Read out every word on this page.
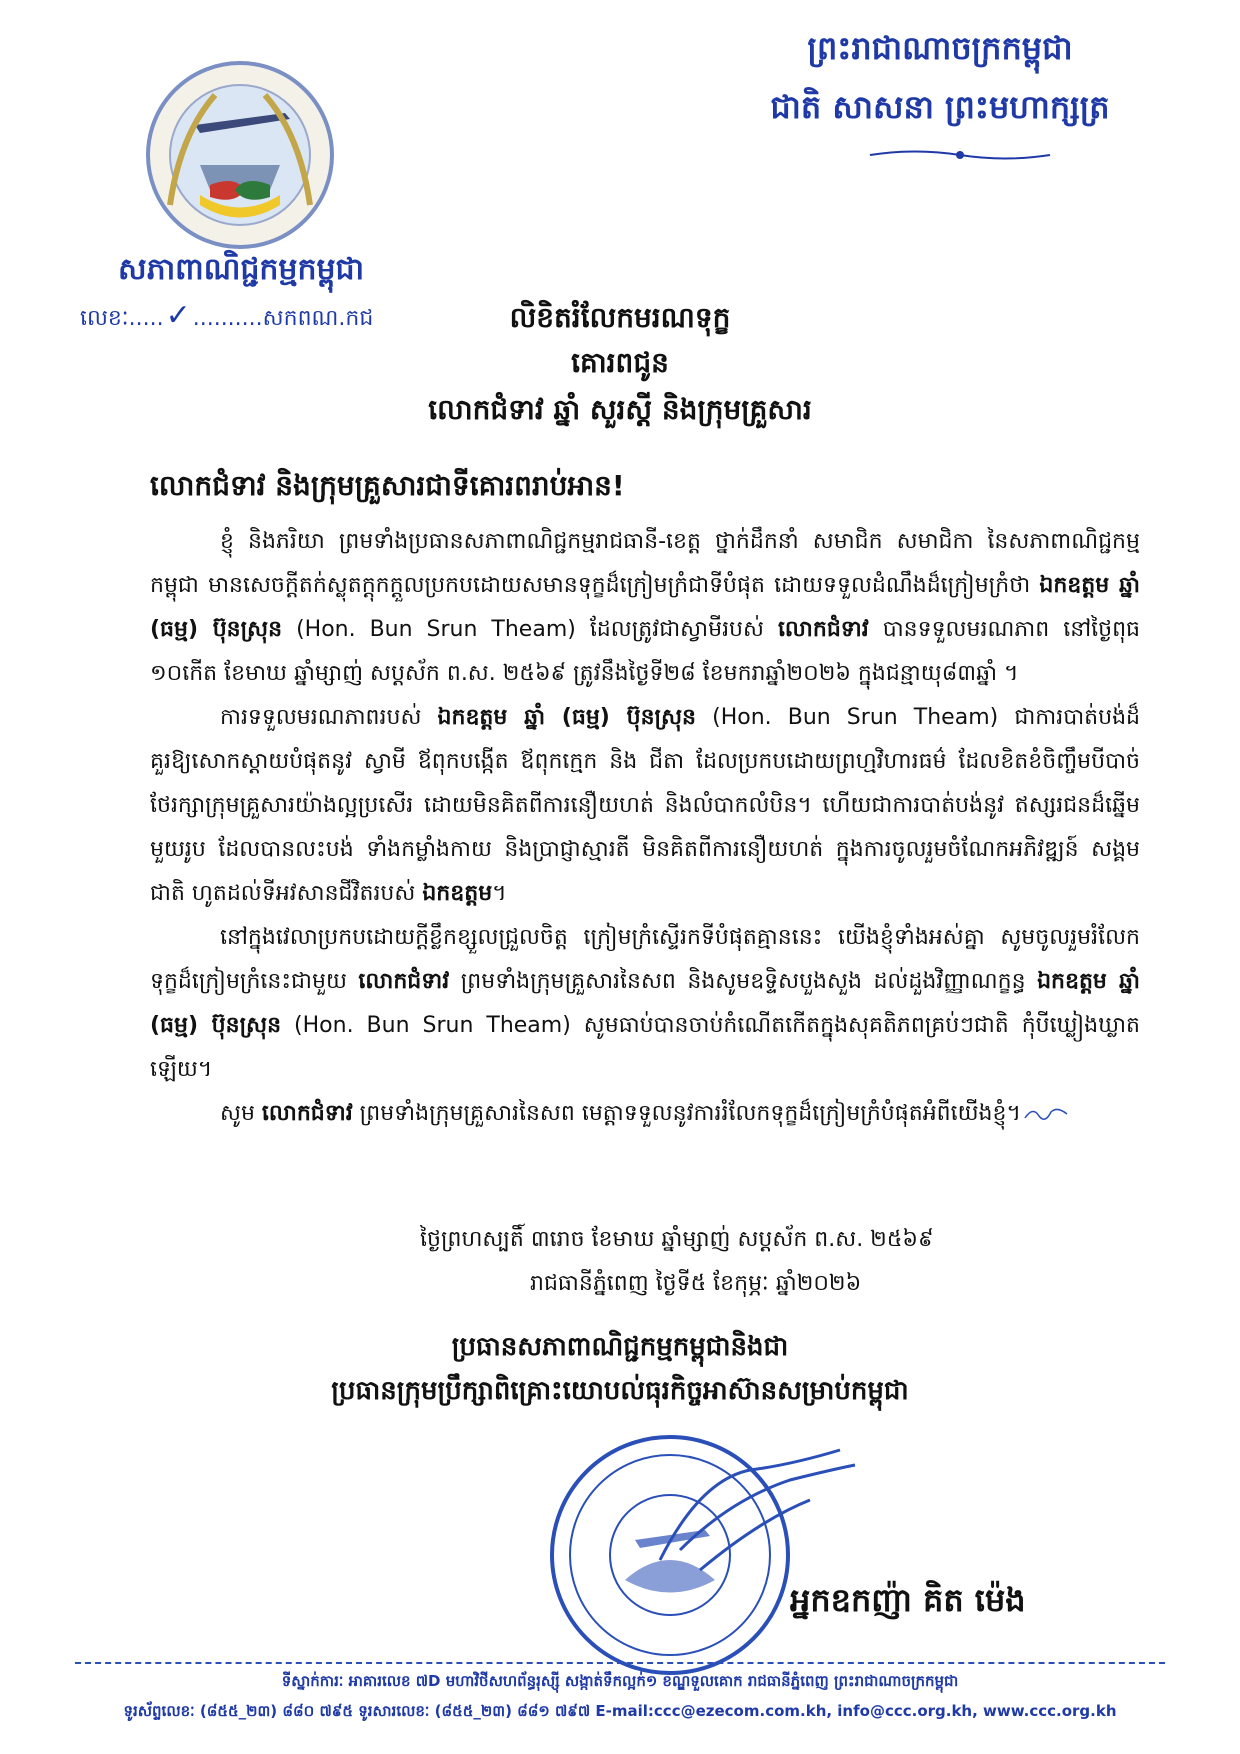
សភាពាណិជ្ជកម្មកម្ពុជា
លេខៈ.....✓..........សកពណ.កជ
ព្រះរាជាណាចក្រកម្ពុជា
ជាតិ សាសនា ព្រះមហាក្សត្រ
លិខិតរំលែកមរណទុក្ខ
គោរពជូន
លោកជំទាវ ឆ្នាំ សួរស្តី និងក្រុមគ្រួសារ
លោកជំទាវ និងក្រុមគ្រួសារជាទីគោរពរាប់អាន!

ខ្ញុំ និងភរិយា ព្រមទាំងប្រធានសភាពាណិជ្ជកម្មរាជធានី-ខេត្ត ថ្នាក់ដឹកនាំ សមាជិក សមាជិកា នៃសភាពាណិជ្ជកម្មកម្ពុជា មានសេចក្តីតក់ស្លុតក្តុកក្តួលប្រកបដោយសមានទុក្ខដ៏ក្រៀមក្រំជាទីបំផុត ដោយទទួលដំណឹងដ៏ក្រៀមក្រំថា ឯកឧត្តម ឆ្នាំ (ធម្ម) ប៊ុនស្រុន (Hon. Bun Srun Theam) ដែលត្រូវជាស្វាមីរបស់ លោកជំទាវ បានទទួលមរណភាព នៅថ្ងៃពុធ ១០កើត ខែមាឃ ឆ្នាំម្សាញ់ សប្តស័ក ព.ស. ២៥៦៩ ត្រូវនឹងថ្ងៃទី២៨ ខែមករាឆ្នាំ២០២៦ ក្នុងជន្មាយុ៨៣ឆ្នាំ ។

ការទទួលមរណភាពរបស់ ឯកឧត្តម ឆ្នាំ (ធម្ម) ប៊ុនស្រុន (Hon. Bun Srun Theam) ជាការបាត់បង់ដ៏គួរឱ្យសោកស្តាយបំផុតនូវ ស្វាមី ឪពុកបង្កើត ឪពុកក្មេក និង ជីតា ដែលប្រកបដោយព្រហ្មវិហារធម៌ ដែលខិតខំចិញ្ចឹមបីបាច់ថែរក្សាក្រុមគ្រួសារយ៉ាងល្អប្រសើរ ដោយមិនគិតពីការនឿយហត់ និងលំបាកលំបិន។ ហើយជាការបាត់បង់នូវ ឥស្សរជនដ៏ឆ្នើមមួយរូប ដែលបានលះបង់ ទាំងកម្លាំងកាយ និងប្រាជ្ញាស្មារតី មិនគិតពីការនឿយហត់ ក្នុងការចូលរួមចំណែកអភិវឌ្ឍន៍ សង្គមជាតិ ហូតដល់ទីអវសានជីវិតរបស់ ឯកឧត្តម។

នៅក្នុងវេលាប្រកបដោយក្តីខ្លឹកខ្សួលជ្រួលចិត្ត ក្រៀមក្រំស្ទើរកទីបំផុតគ្មាននេះ យើងខ្ញុំទាំងអស់គ្នា សូមចូលរួមរំលែកទុក្ខដ៏ក្រៀមក្រំនេះជាមួយ លោកជំទាវ ព្រមទាំងក្រុមគ្រួសារនៃសព និងសូមឧទ្ទិសបួងសួង ដល់ដួងវិញ្ញាណក្ខន្ធ ឯកឧត្តម ឆ្នាំ (ធម្ម) ប៊ុនស្រុន (Hon. Bun Srun Theam) សូមធាប់បានចាប់កំណើតកើតក្នុងសុគតិភពគ្រប់ៗជាតិ កុំបីឃ្លៀងឃ្លាតឡើយ។

សូម លោកជំទាវ ព្រមទាំងក្រុមគ្រួសារនៃសព មេត្តាទទួលនូវការរំលែកទុក្ខដ៏ក្រៀមក្រំបំផុតអំពីយើងខ្ញុំ។

ថ្ងៃព្រហស្បតិ៍ ៣រោច ខែមាឃ ឆ្នាំម្សាញ់ សប្តស័ក ព.ស. ២៥៦៩
រាជធានីភ្នំពេញ ថ្ងៃទី៥ ខែកុម្ភៈ ឆ្នាំ២០២៦
ប្រធានសភាពាណិជ្ជកម្មកម្ពុជានិងជា
ប្រធានក្រុមប្រឹក្សាពិគ្រោះយោបល់ធុរកិច្ចអាស៊ានសម្រាប់កម្ពុជា
អ្នកឧកញ៉ា គិត ម៉េង
ទីស្នាក់ការៈ អាគារលេខ ៧D មហាវិថីសហព័ន្ធរុស្ស៊ី សង្កាត់ទឹកល្អក់១ ខណ្ឌទួលគោក រាជធានីភ្នំពេញ ព្រះរាជាណាចក្រកម្ពុជា
ទូរស័ព្ទលេខៈ (៨៥៥_២៣) ៨៨០ ៧៩៥ ទូរសារលេខៈ (៨៥៥_២៣) ៨៨១ ៧៩៧ E-mail:ccc@ezecom.com.kh, info@ccc.org.kh, www.ccc.org.kh
